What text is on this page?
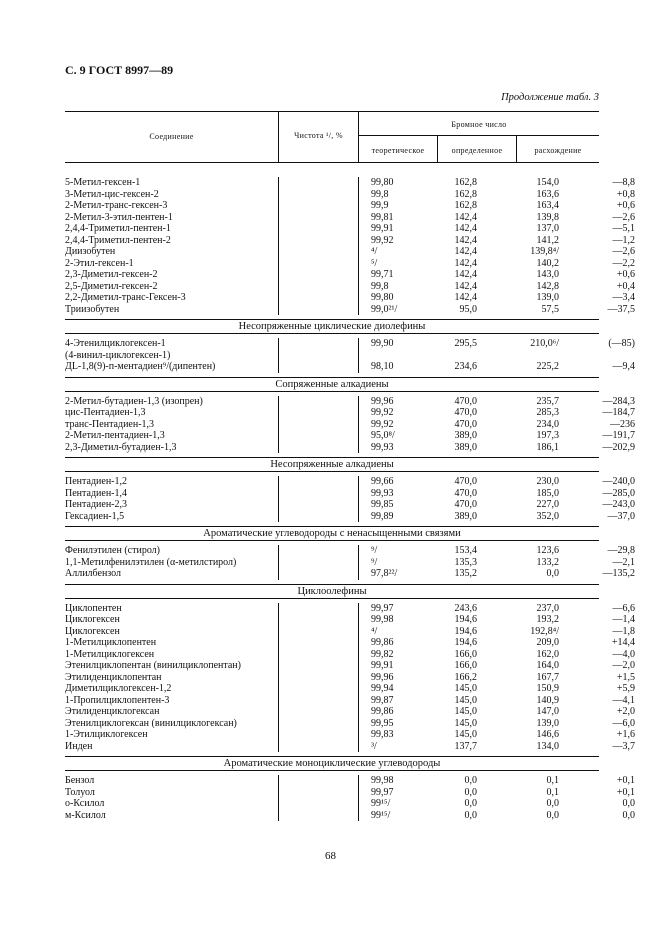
С. 9 ГОСТ 8997—89
Продолжение табл. 3
Соединение	Чистота ¹/, %
Бромное число
теоретическое	определенное	расхождение
5-Метил-гексен-1	99,80	162,8	154,0	—8,8
3-Метил-цис-гексен-2	99,8	162,8	163,6	+0,8
2-Метил-транс-гексен-3	99,9	162,8	163,4	+0,6
2-Метил-3-этил-пентен-1	99,81	142,4	139,8	—2,6
2,4,4-Триметил-пентен-1	99,91	142,4	137,0	—5,1
2,4,4-Триметил-пентен-2	99,92	142,4	141,2	—1,2
Диизобутен	⁴/	142,4	139,8⁴/	—2,6
2-Этил-гексен-1	⁵/	142,4	140,2	—2,2
2,3-Диметил-гексен-2	99,71	142,4	143,0	+0,6
2,5-Диметил-гексен-2	99,8	142,4	142,8	+0,4
2,2-Диметил-транс-Гексен-3	99,80	142,4	139,0	—3,4
Триизобутен	99,0²¹/	95,0	57,5	—37,5
Несопряженные циклические диолефины
4-Этенилциклогексен-1	99,90	295,5	210,0⁶/	(—85)
(4-винил-циклогексен-1)
ДL-1,8(9)-п-ментадиен⁹/(дипентен)	98,10	234,6	225,2	—9,4
Сопряженные алкадиены
2-Метил-бутадиен-1,3 (изопрен)	99,96	470,0	235,7	—284,3
цис-Пентадиен-1,3	99,92	470,0	285,3	—184,7
транс-Пентадиен-1,3	99,92	470,0	234,0	—236
2-Метил-пентадиен-1,3	95,0⁸/	389,0	197,3	—191,7
2,3-Диметил-бутадиен-1,3	99,93	389,0	186,1	—202,9
Несопряженные алкадиены
Пентадиен-1,2	99,66	470,0	230,0	—240,0
Пентадиен-1,4	99,93	470,0	185,0	—285,0
Пентадиен-2,3	99,85	470,0	227,0	—243,0
Гексадиен-1,5	99,89	389,0	352,0	—37,0
Ароматические углеводороды с ненасыщенными связями
Фенилэтилен (стирол)	⁹/	153,4	123,6	—29,8
1,1-Метилфенилэтилен (α-метилстирол)	⁹/	135,3	133,2	—2,1
Аллилбензол	97,8²²/	135,2	0,0	—135,2
Циклоолефины
Циклопентен	99,97	243,6	237,0	—6,6
Циклогексен	99,98	194,6	193,2	—1,4
Циклогексен	⁴/	194,6	192,8⁴/	—1,8
1-Метилциклопентен	99,86	194,6	209,0	+14,4
1-Метилциклогексен	99,82	166,0	162,0	—4,0
Этенилциклопентан (винилциклопентан)	99,91	166,0	164,0	—2,0
Этилиденциклопентан	99,96	166,2	167,7	+1,5
Диметилциклогексен-1,2	99,94	145,0	150,9	+5,9
1-Пропилциклопентен-3	99,87	145,0	140,9	—4,1
Этилиденциклогексан	99,86	145,0	147,0	+2,0
Этенилциклогексан (винилциклогексан)	99,95	145,0	139,0	—6,0
1-Этилциклогексен	99,83	145,0	146,6	+1,6
Инден	³/	137,7	134,0	—3,7
Ароматические моноциклические углеводороды
Бензол	99,98	0,0	0,1	+0,1
Толуол	99,97	0,0	0,1	+0,1
о-Ксилол	99¹⁵/	0,0	0,0	0,0
м-Ксилол	99¹⁵/	0,0	0,0	0,0
68
